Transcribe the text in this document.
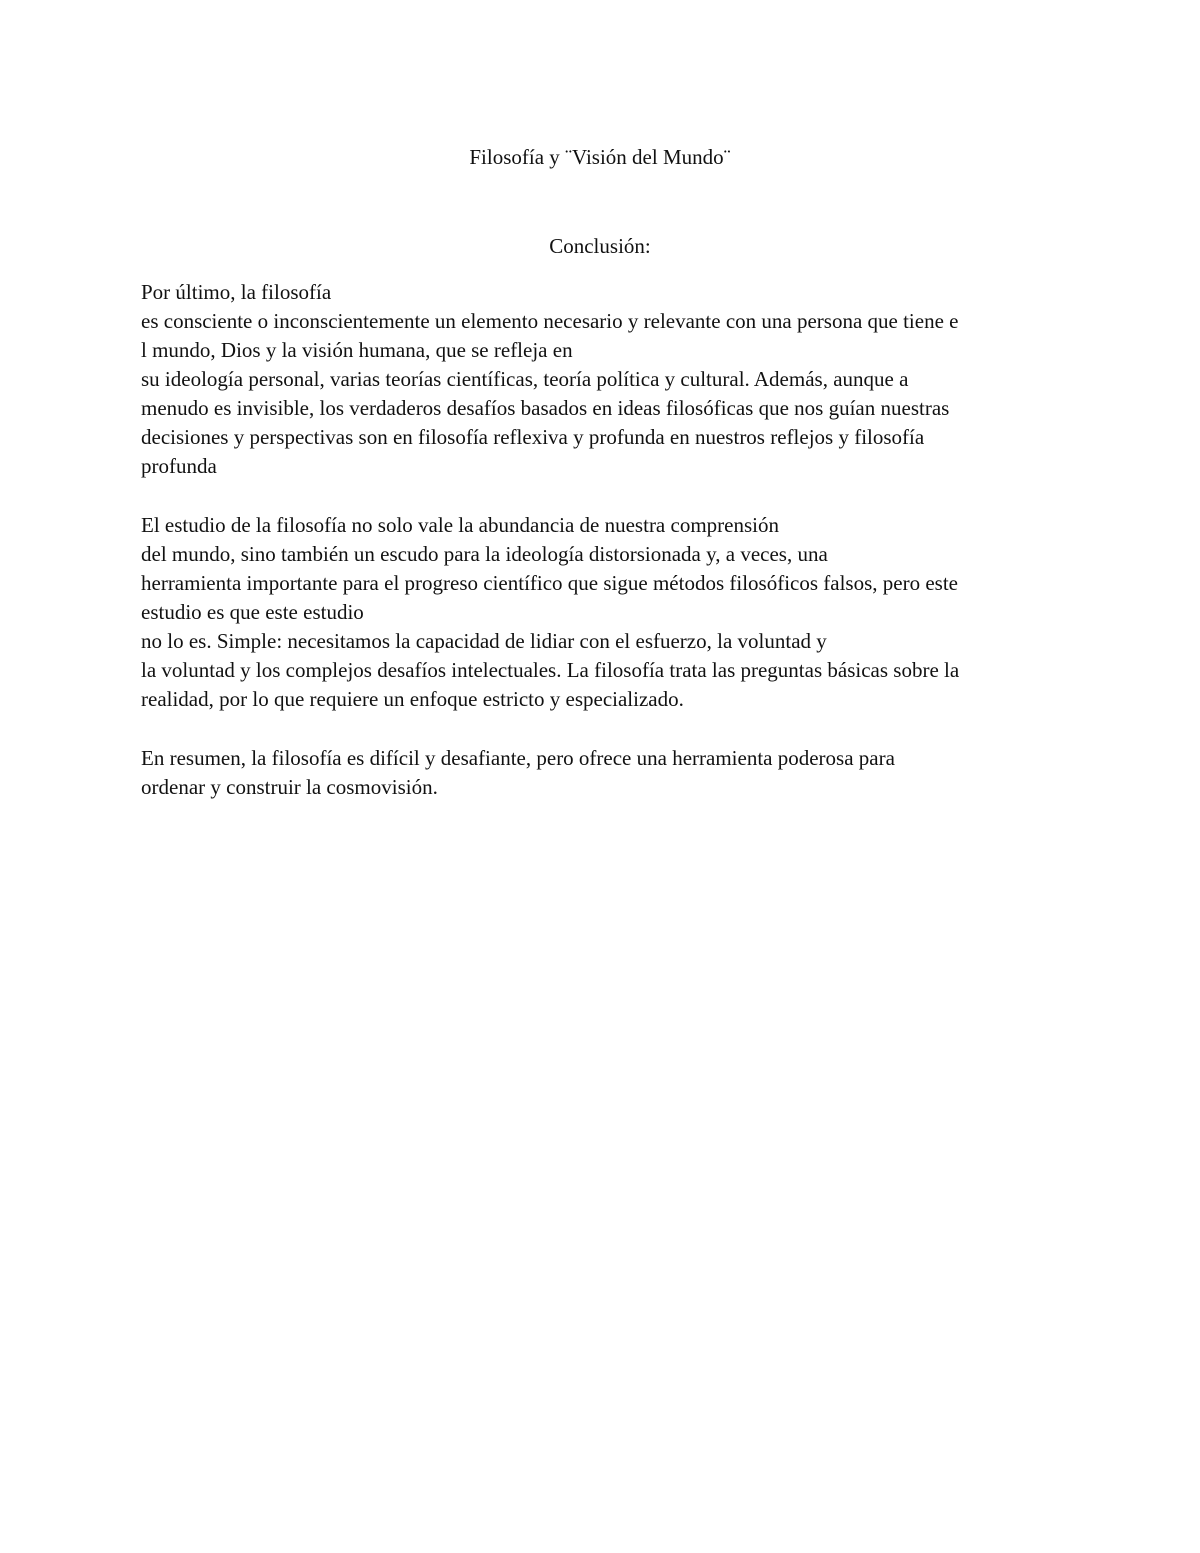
Filosofía y ¨Visión del Mundo¨
Conclusión:

Por último, la filosofía

es consciente o inconscientemente un elemento necesario y relevante con una persona que tiene e

l mundo, Dios y la visión humana, que se refleja en

su ideología personal, varias teorías científicas, teoría política y cultural. Además, aunque a

menudo es invisible, los verdaderos desafíos basados en ideas filosóficas que nos guían nuestras

decisiones y perspectivas son en filosofía reflexiva y profunda en nuestros reflejos y filosofía

profunda

El estudio de la filosofía no solo vale la abundancia de nuestra comprensión

del mundo, sino también un escudo para la ideología distorsionada y, a veces, una

herramienta importante para el progreso científico que sigue métodos filosóficos falsos, pero este

estudio es que este estudio

no lo es. Simple: necesitamos la capacidad de lidiar con el esfuerzo, la voluntad y

la voluntad y los complejos desafíos intelectuales. La filosofía trata las preguntas básicas sobre la

realidad, por lo que requiere un enfoque estricto y especializado.

En resumen, la filosofía es difícil y desafiante, pero ofrece una herramienta poderosa para

ordenar y construir la cosmovisión.
